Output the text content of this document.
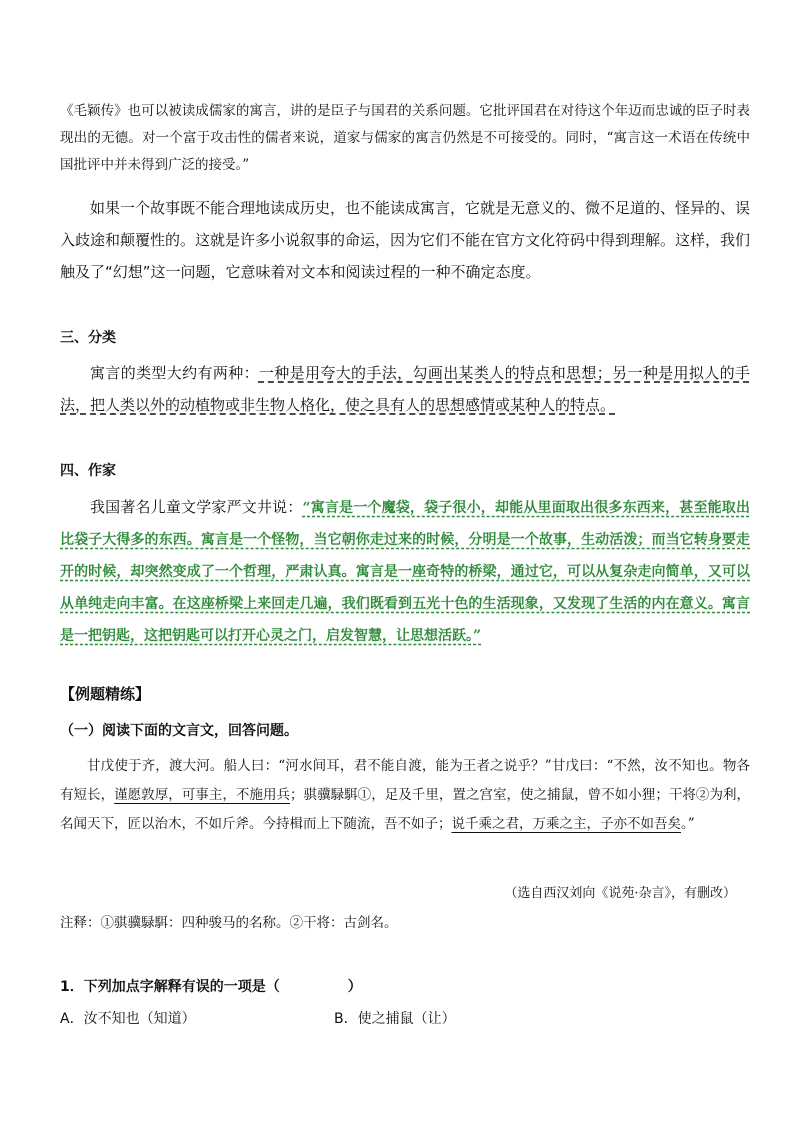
《毛颖传》也可以被读成儒家的寓言，讲的是臣子与国君的关系问题。它批评国君在对待这个年迈而忠诚的臣子时表现出的无德。对一个富于攻击性的儒者来说，道家与儒家的寓言仍然是不可接受的。同时，“寓言这一术语在传统中国批评中并未得到广泛的接受。”
如果一个故事既不能合理地读成历史，也不能读成寓言，它就是无意义的、微不足道的、怪异的、误入歧途和颠覆性的。这就是许多小说叙事的命运，因为它们不能在官方文化符码中得到理解。这样，我们触及了“幻想”这一问题，它意味着对文本和阅读过程的一种不确定态度。
三、分类
寓言的类型大约有两种：一种是用夸大的手法，勾画出某类人的特点和思想；另一种是用拟人的手法，把人类以外的动植物或非生物人格化，使之具有人的思想感情或某种人的特点。
四、作家
我国著名儿童文学家严文井说：“寓言是一个魔袋，袋子很小，却能从里面取出很多东西来，甚至能取出比袋子大得多的东西。寓言是一个怪物，当它朝你走过来的时候，分明是一个故事，生动活泼；而当它转身要走开的时候，却突然变成了一个哲理，严肃认真。寓言是一座奇特的桥梁，通过它，可以从复杂走向简单，又可以从单纯走向丰富。在这座桥梁上来回走几遍，我们既看到五光十色的生活现象，又发现了生活的内在意义。寓言是一把钥匙，这把钥匙可以打开心灵之门，启发智慧，让思想活跃。”
【例题精练】
（一）阅读下面的文言文，回答问题。
甘戊使于齐，渡大河。船人曰：“河水间耳，君不能自渡，能为王者之说乎？”甘戊曰：“不然，汝不知也。物各有短长，谨愿敦厚，可事主，不施用兵；骐骥騄駬①，足及千里，置之宫室，使之捕鼠，曾不如小狸；干将②为利，名闻天下，匠以治木，不如斤斧。今持楫而上下随流，吾不如子；说千乘之君，万乘之主，子亦不如吾矣。”
（选自西汉刘向《说苑·杂言》，有删改）
注释：①骐骥騄駬：四种骏马的名称。②干将：古剑名。
1．下列加点字解释有误的一项是（	）
A．汝不知也（知道）	B．使之捕鼠（让）
